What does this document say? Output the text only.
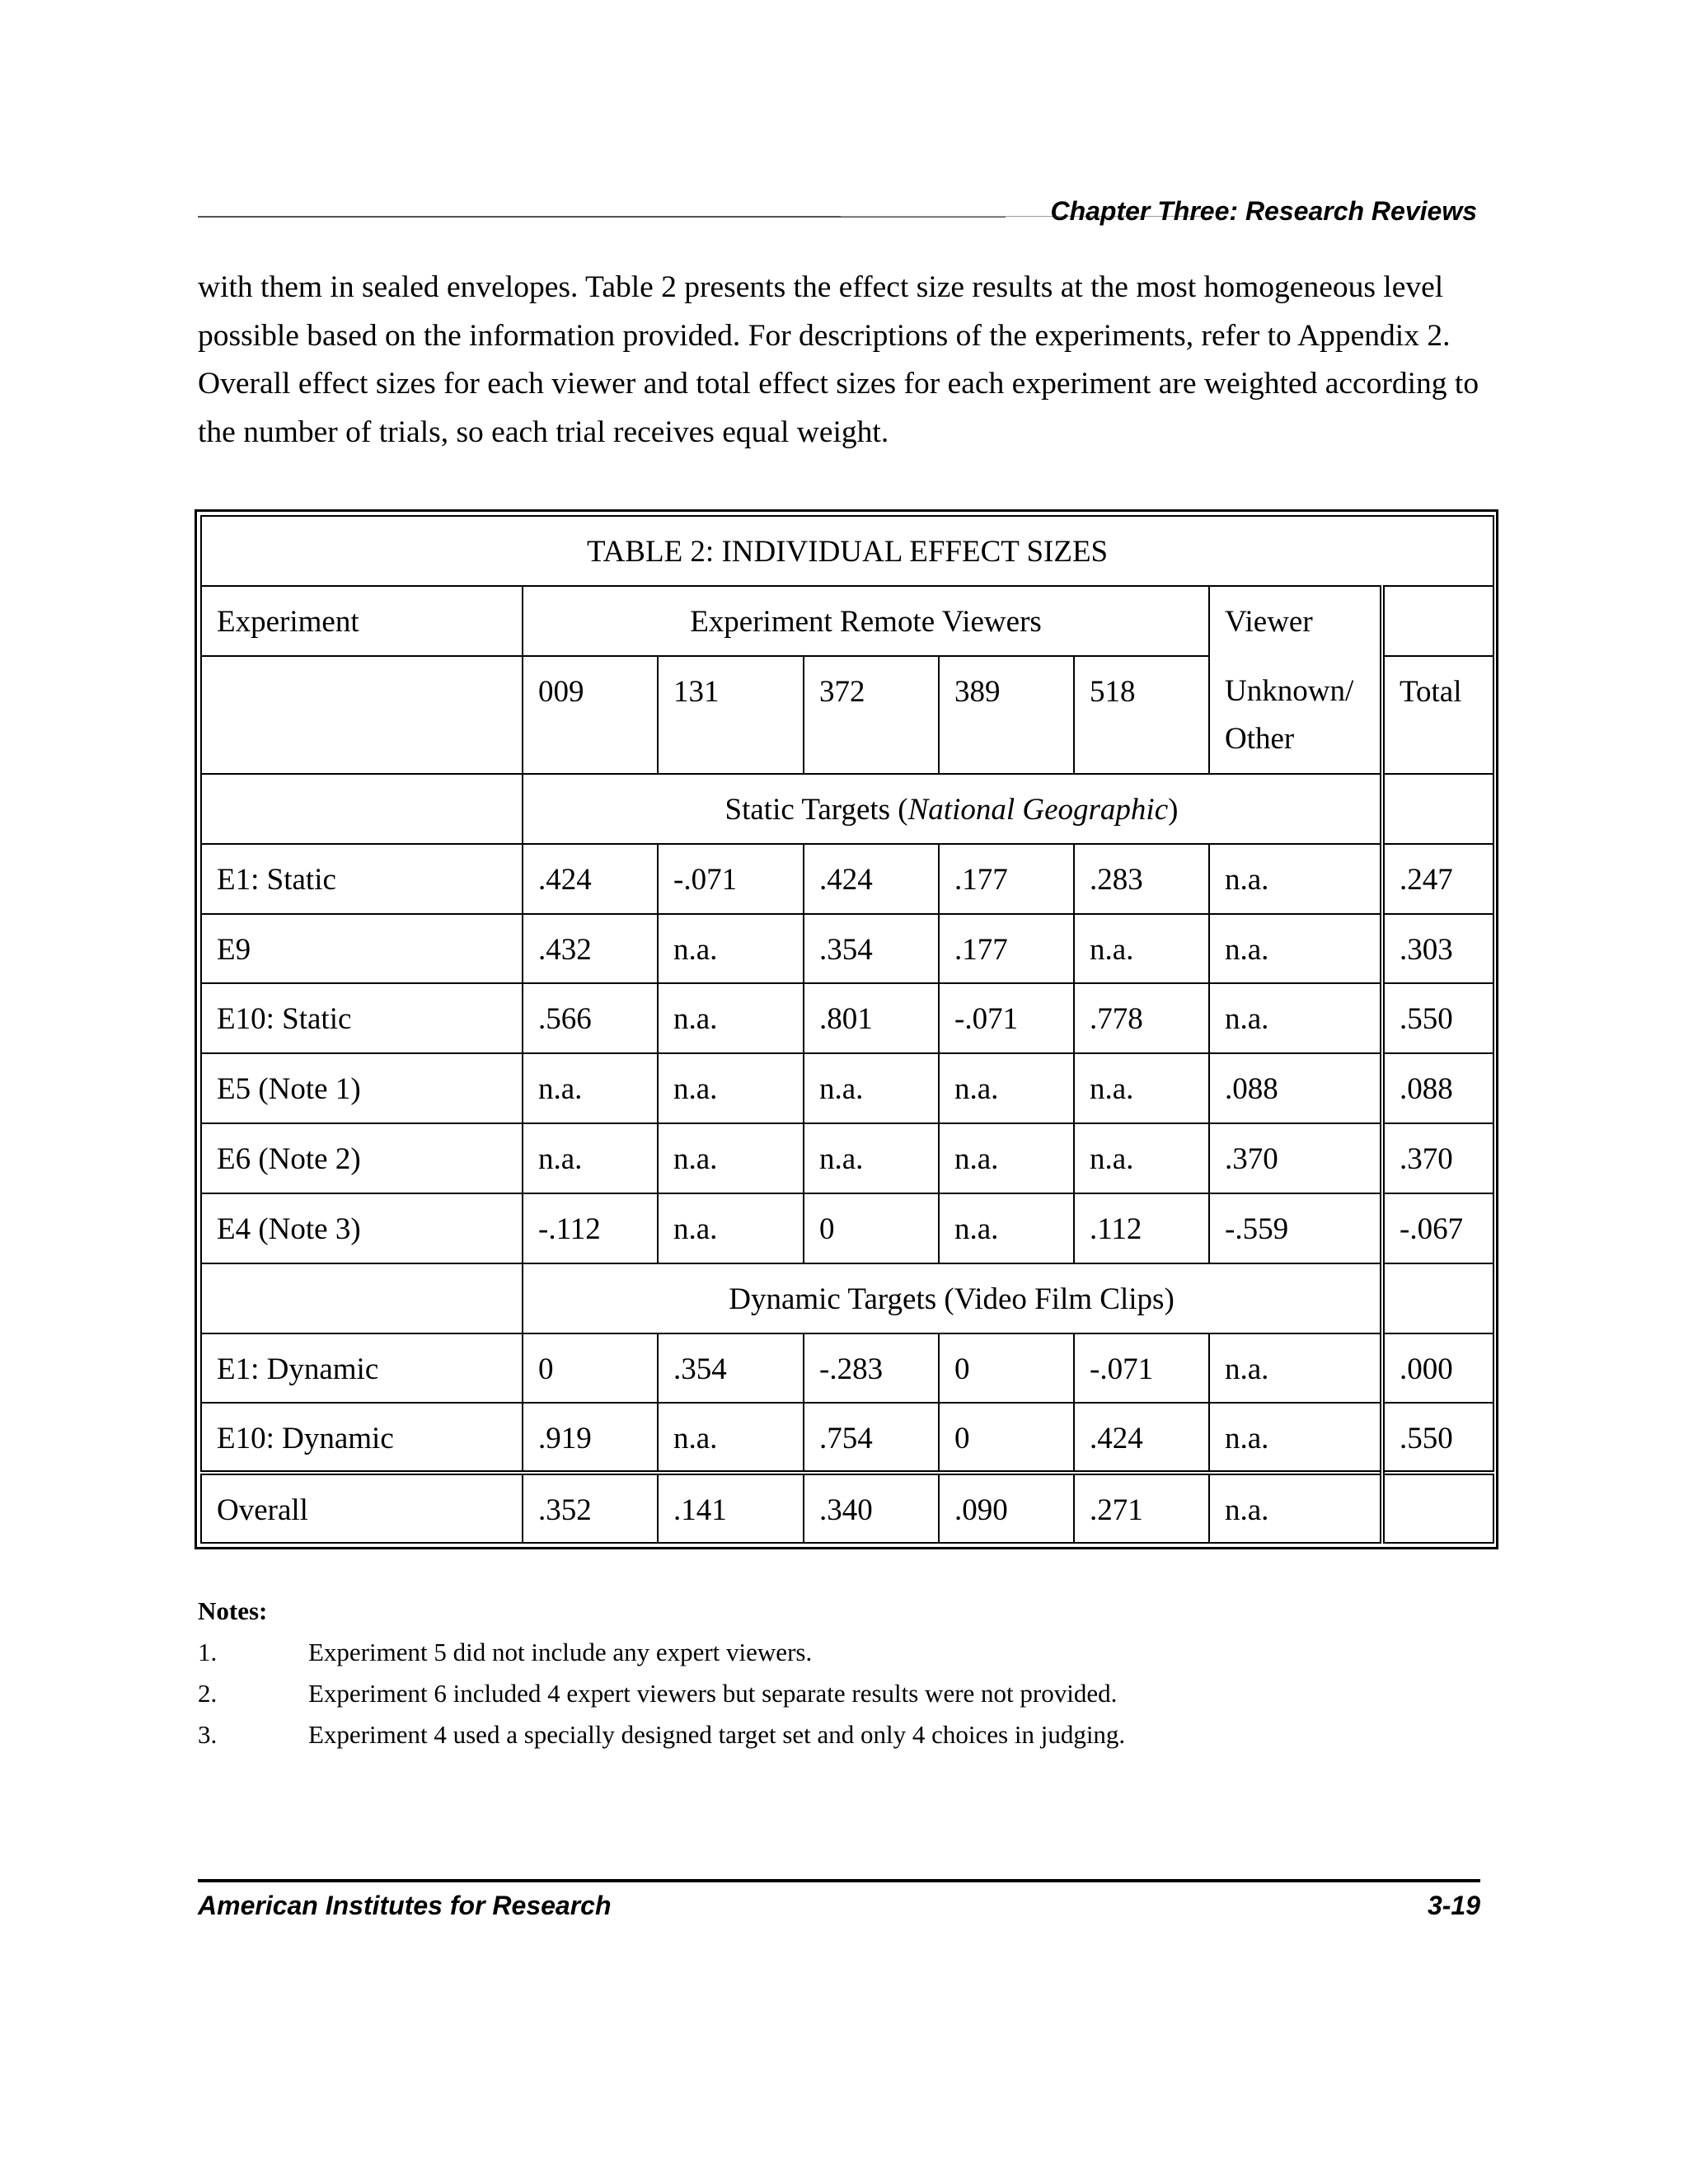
Chapter Three: Research Reviews
with them in sealed envelopes. Table 2 presents the effect size results at the most homogeneous level possible based on the information provided. For descriptions of the experiments, refer to Appendix 2. Overall effect sizes for each viewer and total effect sizes for each experiment are weighted according to the number of trials, so each trial receives equal weight.
TABLE 2: INDIVIDUAL EFFECT SIZES							
Experiment	Experiment Remote Viewers					Viewer	
	009	131	372	389	518	Unknown/ Other	Total
	Static Targets (National Geographic)						
E1: Static	.424	-.071	.424	.177	.283	n.a.	.247
E9	.432	n.a.	.354	.177	n.a.	n.a.	.303
E10: Static	.566	n.a.	.801	-.071	.778	n.a.	.550
E5 (Note 1)	n.a.	n.a.	n.a.	n.a.	n.a.	.088	.088
E6 (Note 2)	n.a.	n.a.	n.a.	n.a.	n.a.	.370	.370
E4 (Note 3)	-.112	n.a.	0	n.a.	.112	-.559	-.067
	Dynamic Targets (Video Film Clips)						
E1: Dynamic	0	.354	-.283	0	-.071	n.a.	.000
E10: Dynamic	.919	n.a.	.754	0	.424	n.a.	.550
Overall	.352	.141	.340	.090	.271	n.a.	
Notes:
1.	Experiment 5 did not include any expert viewers.
2.	Experiment 6 included 4 expert viewers but separate results were not provided.
3.	Experiment 4 used a specially designed target set and only 4 choices in judging.
American Institutes for Research	3-19
